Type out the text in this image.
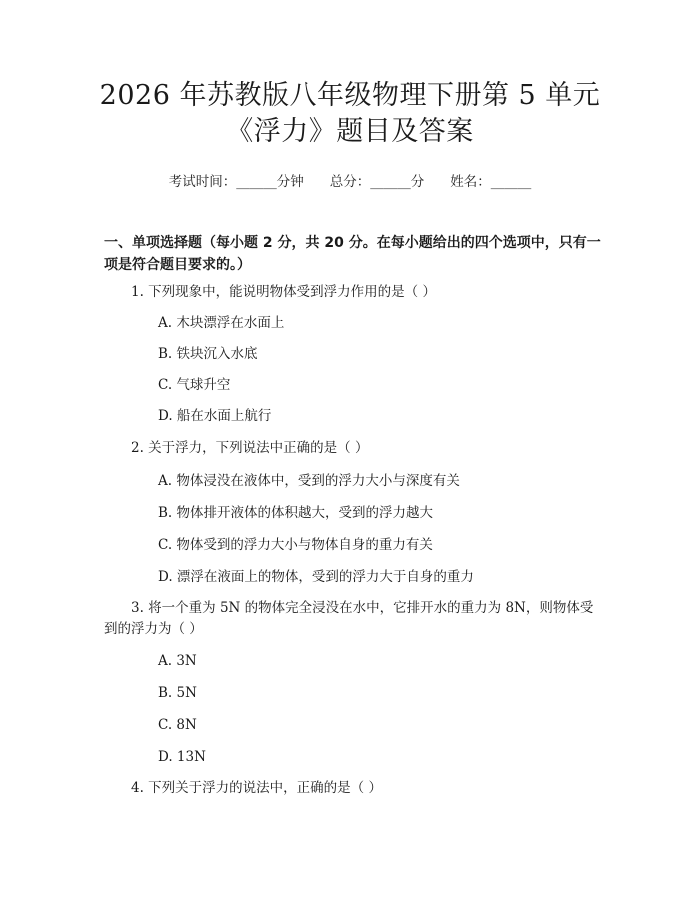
2026 年苏教版八年级物理下册第 5 单元《浮力》题目及答案
考试时间：______分钟 总分：______分 姓名：______
一、单项选择题（每小题 2 分，共 20 分。在每小题给出的四个选项中，只有一项是符合题目要求的。）
1. 下列现象中，能说明物体受到浮力作用的是（ ）
A. 木块漂浮在水面上
B. 铁块沉入水底
C. 气球升空
D. 船在水面上航行
2. 关于浮力，下列说法中正确的是（ ）
A. 物体浸没在液体中，受到的浮力大小与深度有关
B. 物体排开液体的体积越大，受到的浮力越大
C. 物体受到的浮力大小与物体自身的重力有关
D. 漂浮在液面上的物体，受到的浮力大于自身的重力
3. 将一个重为 5N 的物体完全浸没在水中，它排开水的重力为 8N，则物体受到的浮力为（ ）
A. 3N
B. 5N
C. 8N
D. 13N
4. 下列关于浮力的说法中，正确的是（ ）
